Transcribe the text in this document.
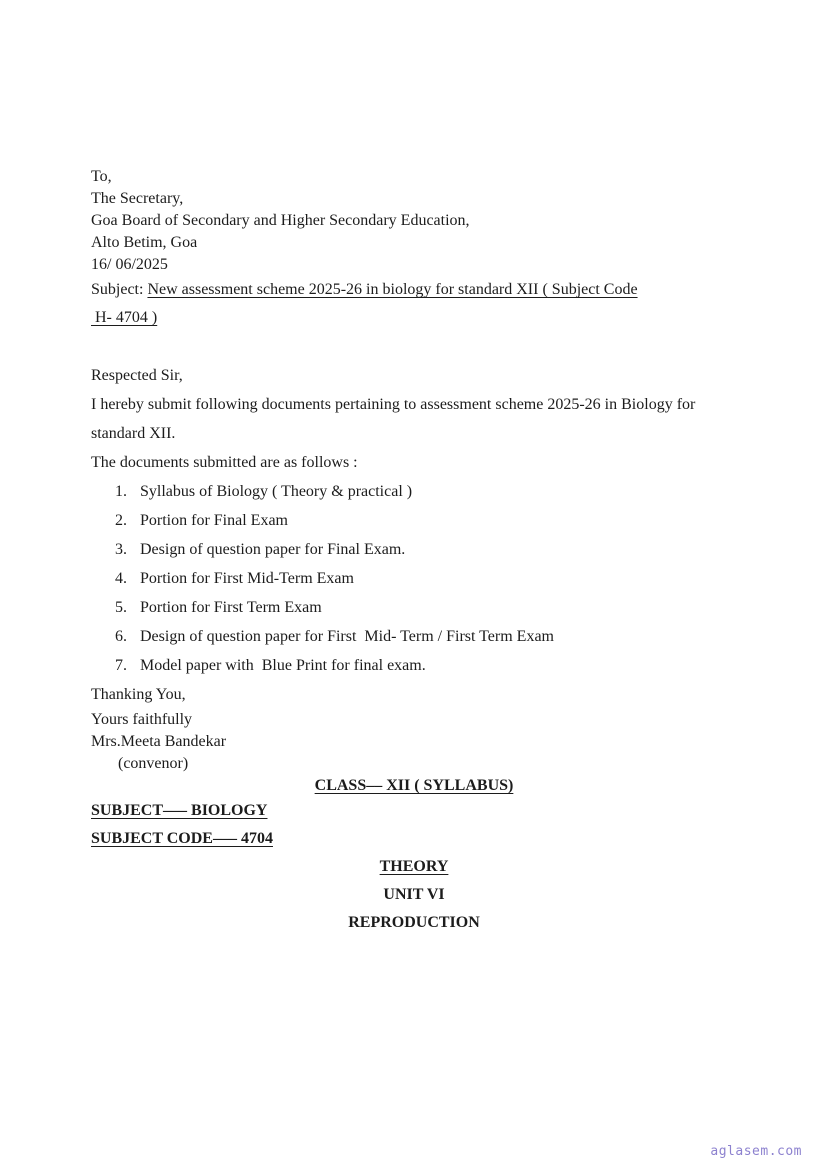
To,

The Secretary,

Goa Board of Secondary and Higher Secondary Education,

Alto Betim, Goa

16/ 06/2025

Subject: New assessment scheme 2025-26 in biology for standard XII ( Subject Code

H- 4704 )

Respected Sir,

I hereby submit following documents pertaining to assessment scheme 2025-26 in Biology for standard XII.

The documents submitted are as follows :

1. Syllabus of Biology ( Theory & practical )
2. Portion for Final Exam
3. Design of question paper for Final Exam.
4. Portion for First Mid-Term Exam
5. Portion for First Term Exam
6. Design of question paper for First  Mid- Term / First Term Exam
7. Model paper with  Blue Print for final exam.

Thanking You,

Yours faithfully

Mrs.Meeta Bandekar

(convenor)

CLASS–– XII ( SYLLABUS)

SUBJECT––– BIOLOGY

SUBJECT CODE––– 4704

THEORY

UNIT VI

REPRODUCTION

aglasem.com
